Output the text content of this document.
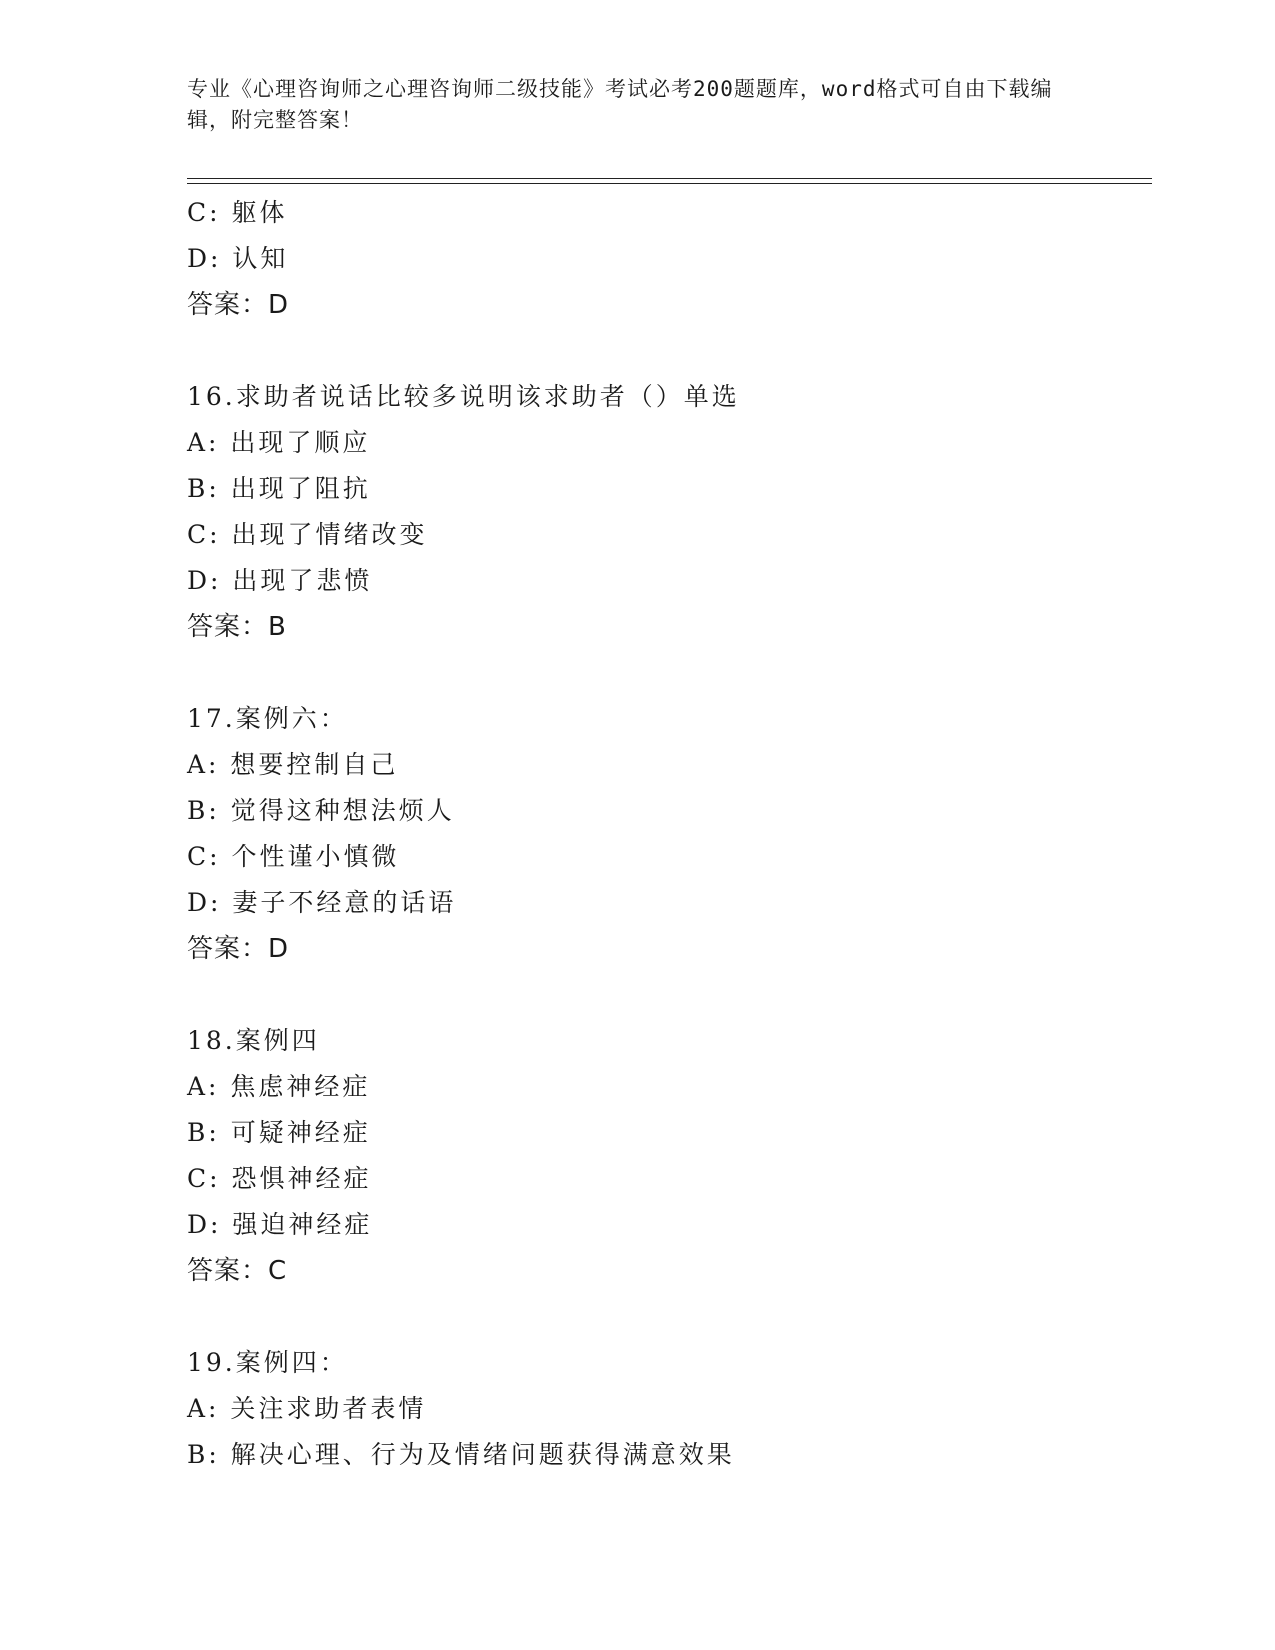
专业《心理咨询师之心理咨询师二级技能》考试必考200题题库，word格式可自由下载编辑，附完整答案！
C: 躯体
D: 认知
答案：D
16.求助者说话比较多说明该求助者（）单选
A: 出现了顺应
B: 出现了阻抗
C: 出现了情绪改变
D: 出现了悲愤
答案：B
17.案例六：
A: 想要控制自己
B: 觉得这种想法烦人
C: 个性谨小慎微
D: 妻子不经意的话语
答案：D
18.案例四
A: 焦虑神经症
B: 可疑神经症
C: 恐惧神经症
D: 强迫神经症
答案：C
19.案例四：
A: 关注求助者表情
B: 解决心理、行为及情绪问题获得满意效果
